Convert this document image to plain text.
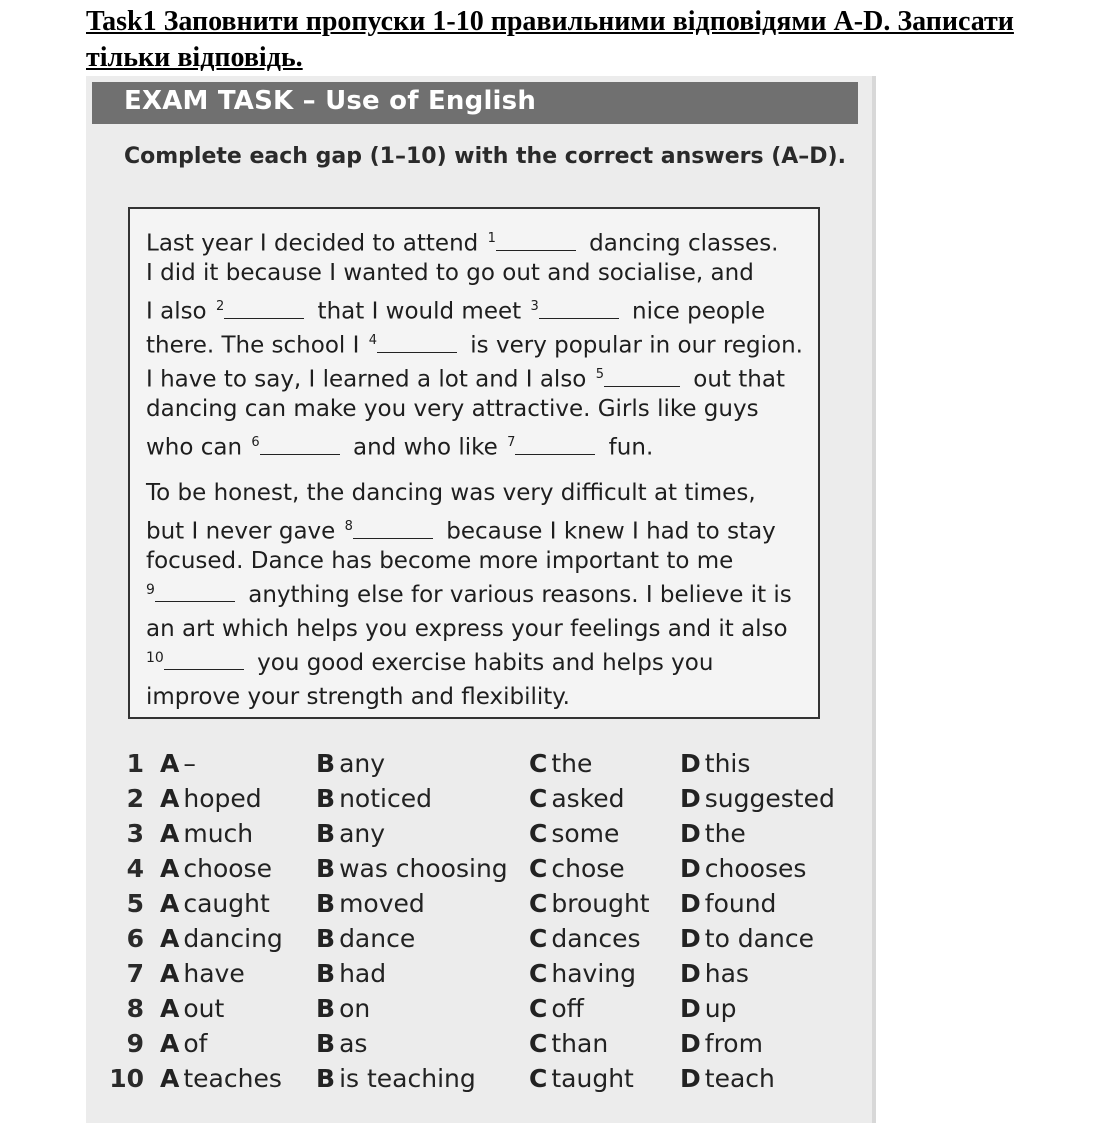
Task1 Заповнити пропуски 1-10 правильними відповідями A-D. Записати тільки відповідь.
EXAM TASK – Use of English
Complete each gap (1–10) with the correct answers (A–D).
Last year I decided to attend $^1$	dancing classes.
I did it because I wanted to go out and socialise, and
I also $^2$	that I would meet $^3$	nice people
there. The school I $^4$	is very popular in our region.
I have to say, I learned a lot and I also $^5$	out that
dancing can make you very attractive. Girls like guys
who can $^6$	and who like $^7$	fun.
To be honest, the dancing was very difficult at times,
but I never gave $^8$	because I knew I had to stay
focused. Dance has become more important to me
$^9$	anything else for various reasons. I believe it is
an art which helps you express your feelings and it also
$^{10}$	you good exercise habits and helps you
improve your strength and flexibility.
1 A –	B any	C the	D this
2 A hoped B noticed	C asked D suggested
3 A much	B any	C some D the
4 A choose B was choosing C chose D chooses
5 A caught B moved	C brought D found
6 A dancing B dance	C dances D to dance
7 A have	B had	C having D has
8 A out	B on	C off	D up
9 A of	B as	C than	D from
10 A teaches B is teaching C taught D teach
